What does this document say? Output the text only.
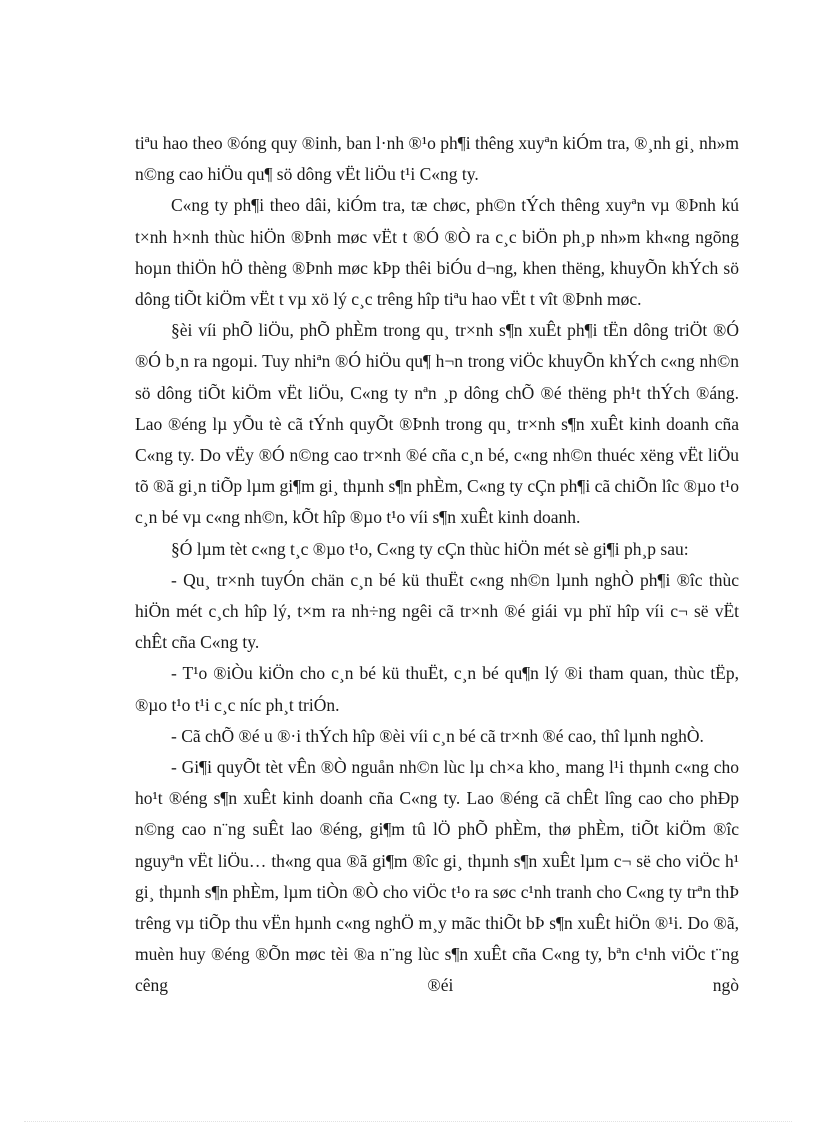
tiªu hao theo ®óng quy ®inh, ban l·nh ®¹o ph¶i thêng xuyªn kiÓm tra, ®¸nh gi¸ nh»m n©ng cao hiÖu qu¶ sö dông vËt liÖu t¹i C«ng ty.

C«ng ty ph¶i theo dâi, kiÓm tra, tæ chøc, ph©n tÝch thêng xuyªn vµ ®Þnh kú t×nh h×nh thùc hiÖn ®Þnh møc vËt t ®Ó ®Ò ra c¸c biÖn ph¸p nh»m kh«ng ngõng hoµn thiÖn hÖ thèng ®Þnh møc kÞp thêi biÓu d¬ng, khen thëng, khuyÕn khÝch sö dông tiÕt kiÖm vËt t vµ xö lý c¸c trêng hîp tiªu hao vËt t vît ®Þnh møc.

§èi víi phÕ liÖu, phÕ phÈm trong qu¸ tr×nh s¶n xuÊt ph¶i tËn dông triÖt ®Ó ®Ó b¸n ra ngoµi. Tuy nhiªn ®Ó hiÖu qu¶ h¬n trong viÖc khuyÕn khÝch c«ng nh©n sö dông tiÕt kiÖm vËt liÖu, C«ng ty nªn ¸p dông chÕ ®é thëng ph¹t thÝch ®áng. Lao ®éng lµ yÕu tè cã tÝnh quyÕt ®Þnh trong qu¸ tr×nh s¶n xuÊt kinh doanh cña C«ng ty. Do vËy ®Ó n©ng cao tr×nh ®é cña c¸n bé, c«ng nh©n thuéc xëng vËt liÖu tõ ®ã gi¸n tiÕp lµm gi¶m gi¸ thµnh s¶n phÈm, C«ng ty cÇn ph¶i cã chiÕn lîc ®µo t¹o c¸n bé vµ c«ng nh©n, kÕt hîp ®µo t¹o víi s¶n xuÊt kinh doanh.

§Ó lµm tèt c«ng t¸c ®µo t¹o, C«ng ty cÇn thùc hiÖn mét sè gi¶i ph¸p sau:

- Qu¸ tr×nh tuyÓn chän c¸n bé kü thuËt c«ng nh©n lµnh nghÒ ph¶i ®îc thùc hiÖn mét c¸ch hîp lý, t×m ra nh÷ng ngêi cã tr×nh ®é giái vµ phï hîp víi c¬ së vËt chÊt cña C«ng ty.

- T¹o ®iÒu kiÖn cho c¸n bé kü thuËt, c¸n bé qu¶n lý ®i tham quan, thùc tËp, ®µo t¹o t¹i c¸c níc ph¸t triÓn.

- Cã chÕ ®é u ®·i thÝch hîp ®èi víi c¸n bé cã tr×nh ®é cao, thî lµnh nghÒ.

- Gi¶i quyÕt tèt vÊn ®Ò nguån nh©n lùc lµ ch×a kho¸ mang l¹i thµnh c«ng cho ho¹t ®éng s¶n xuÊt kinh doanh cña C«ng ty. Lao ®éng cã chÊt lîng cao cho phÐp n©ng cao n¨ng suÊt lao ®éng, gi¶m tû lÖ phÕ phÈm, thø phÈm, tiÕt kiÖm ®îc nguyªn vËt liÖu… th«ng qua ®ã gi¶m ®îc gi¸ thµnh s¶n xuÊt lµm c¬ së cho viÖc h¹ gi¸ thµnh s¶n phÈm, lµm tiÒn ®Ò cho viÖc t¹o ra søc c¹nh tranh cho C«ng ty trªn thÞ trêng vµ tiÕp thu vËn hµnh c«ng nghÖ m¸y mãc thiÕt bÞ s¶n xuÊt hiÖn ®¹i. Do ®ã, muèn huy ®éng ®Õn møc tèi ®a n¨ng lùc s¶n xuÊt cña C«ng ty, bªn c¹nh viÖc t¨ng cêng ®éi ngò
